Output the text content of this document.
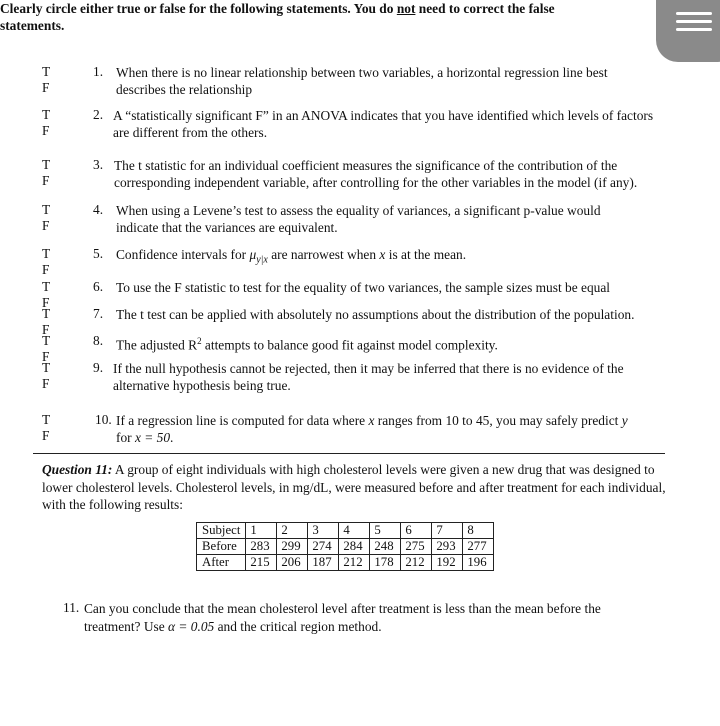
Clearly circle either true or false for the following statements. You do not need to correct the false statements.
TF
1. When there is no linear relationship between two variables, a horizontal regression line best describes the relationship
TF
2. A “statistically significant F” in an ANOVA indicates that you have identified which levels of factors are different from the others.
TF
3. The t statistic for an individual coefficient measures the significance of the contribution of the corresponding independent variable, after controlling for the other variables in the model (if any).
TF
4. When using a Levene’s test to assess the equality of variances, a significant p-value would indicate that the variances are equivalent.
TF
5. Confidence intervals for $\mu_{y|x}$ are narrowest when x is at the mean.
TF
6. To use the F statistic to test for the equality of two variances, the sample sizes must be equal
TF
7. The t test can be applied with absolutely no assumptions about the distribution of the population.
TF
8. The adjusted $R^2$ attempts to balance good fit against model complexity.
TF
9. If the null hypothesis cannot be rejected, then it may be inferred that there is no evidence of the alternative hypothesis being true.
TF
10. If a regression line is computed for data where x ranges from 10 to 45, you may safely predict y
for x = 50.
Question 11: A group of eight individuals with high cholesterol levels were given a new drug that was designed to lower cholesterol levels. Cholesterol levels, in mg/dL, were measured before and after treatment for each individual, with the following results:
Subject	1	2	3	4	5	6	7	8
Before	283	299	274	284	248	275	293	277
After	215	206	187	212	178	212	192	196
11. Can you conclude that the mean cholesterol level after treatment is less than the mean before the treatment? Use α = 0.05 and the critical region method.
